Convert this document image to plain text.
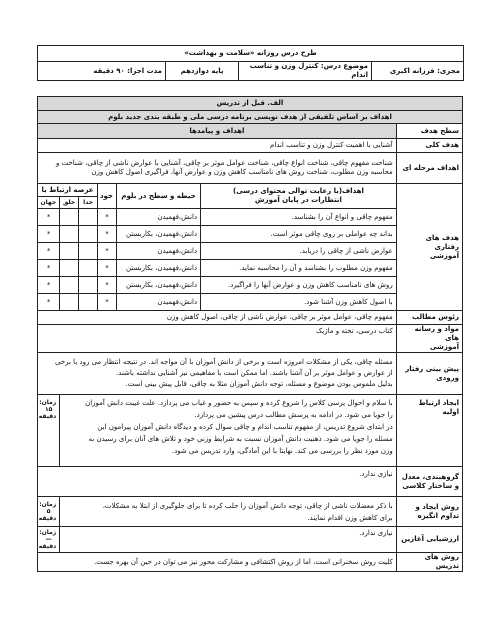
طرح درس روزانه «سلامت و بهداشت»
مجری: فرزانه اکبری	موضوع درس: کنترل وزن و تناسب اندام	پایه دوازدهم	مدت اجرا: ۹۰ دقیقه
الف. قبل از تدریس						
اهداف بر اساس تلفیقی از هدف نویسی برنامه درسی ملی و طبقه بندی جدید بلوم						
سطح هدف	اهداف و پیامدها					
هدف کلی	آشنایی با اهمیت کنترل وزن و تناسب اندام					
اهداف مرحله ای	شناخت مفهوم چاقی، شناخت انواع چاقی، شناخت عوامل موثر بر چاقی، آشنایی با عوارض ناشی از چاقی، شناخت و
محاسبه وزن مطلوب، شناخت روش های نامناسب کاهش وزن و عوارض آنها، فراگیری اصول کاهش وزن					

هدف های رفتاری
آموزشی	اهداف(با رعایت توالی محتوای درسی)
انتظارات در پایان آموزش	حیطه و سطح در بلوم	خود	عرصه ارتباط با		
				خدا	خلق	جهان
	مفهوم چاقی و انواع آن را بشناسد.	دانش،فهمیدن	*			*
	بداند چه عواملی بر روی چاقی موثر است.	دانش،فهمیدن، بکاربستن	*			*
	عوارض ناشی از چاقی را دریابد.	دانش،فهمیدن	*			*
	مفهوم وزن مطلوب را بشناسد و آن را محاسبه نماید.	دانش،فهمیدن، بکاربستن	*			*
	روش های نامناسب کاهش وزن و عوارض آنها را فراگیرد.	دانش،فهمیدن، بکاربستن	*			*
	با اصول کاهش وزن آشنا شود.	دانش،فهمیدن	*			*
رئوس مطالب	مفهوم چاقی، عوامل موثر بر چاقی، عوارض ناشی از چاقی، اصول کاهش وزن					

مواد و رسانه های
آموزشی	کتاب درسی، تخته و ماژیک					

پیش بینی رفتار
ورودی	مسئله چاقی، یکی از مشکلات امروزه است و برخی از دانش آموزان با آن مواجه اند. در نتیجه انتظار می رود با برخی
از عوارض و عوامل موثر بر آن آشنا باشند. اما ممکن است با مفاهیمی نیز آشنایی نداشته باشند.
بدلیل ملموس بودن موضوع و مسئله، توجه دانش آموزان مثلا به چاقی، قابل پیش بینی است.					

ایجاد ارتباط اولیه	با سلام و احوال پرسی کلاس را شروع کرده و سپس به حضور و غیاب می پردازد. علت غیبت دانش آموزان
را جویا می شود. در ادامه به پرسش مطالب درس پیشین می پردازد.
در ابتدای شروع تدریس، از مفهوم تناسب اندام و چاقی سوال کرده و دیدگاه دانش آموزان پیرامون این
مسئله را جویا می شود. ذهنیت دانش آموزان نسبت به شرایط وزنی خود و تلاش های آنان برای رسیدن به
وزن مورد نظر را بررسی می کند. نهایتا با این آمادگی، وارد تدریس می شود.					زمان:
۱۵ دقیقه

گروهبندی، معدل
و ساختار کلاسی	نیازی ندارد.					

روش ایجاد و
تداوم انگیزه	با ذکر معضلات ناشی از چاقی، توجه دانش آموزان را جلب کرده تا برای جلوگیری از ابتلا به مشکلات،
برای کاهش وزن اقدام نمایند.					زمان:
۵ دقیقه

ارزشیابی آغازین	نیازی ندارد.					زمان:
— دقیقه

روش های تدریس	کلیت روش سخنرانی است، اما از روش اکتشافی و مشارکت محور نیز می توان در حین آن بهره جست.					
